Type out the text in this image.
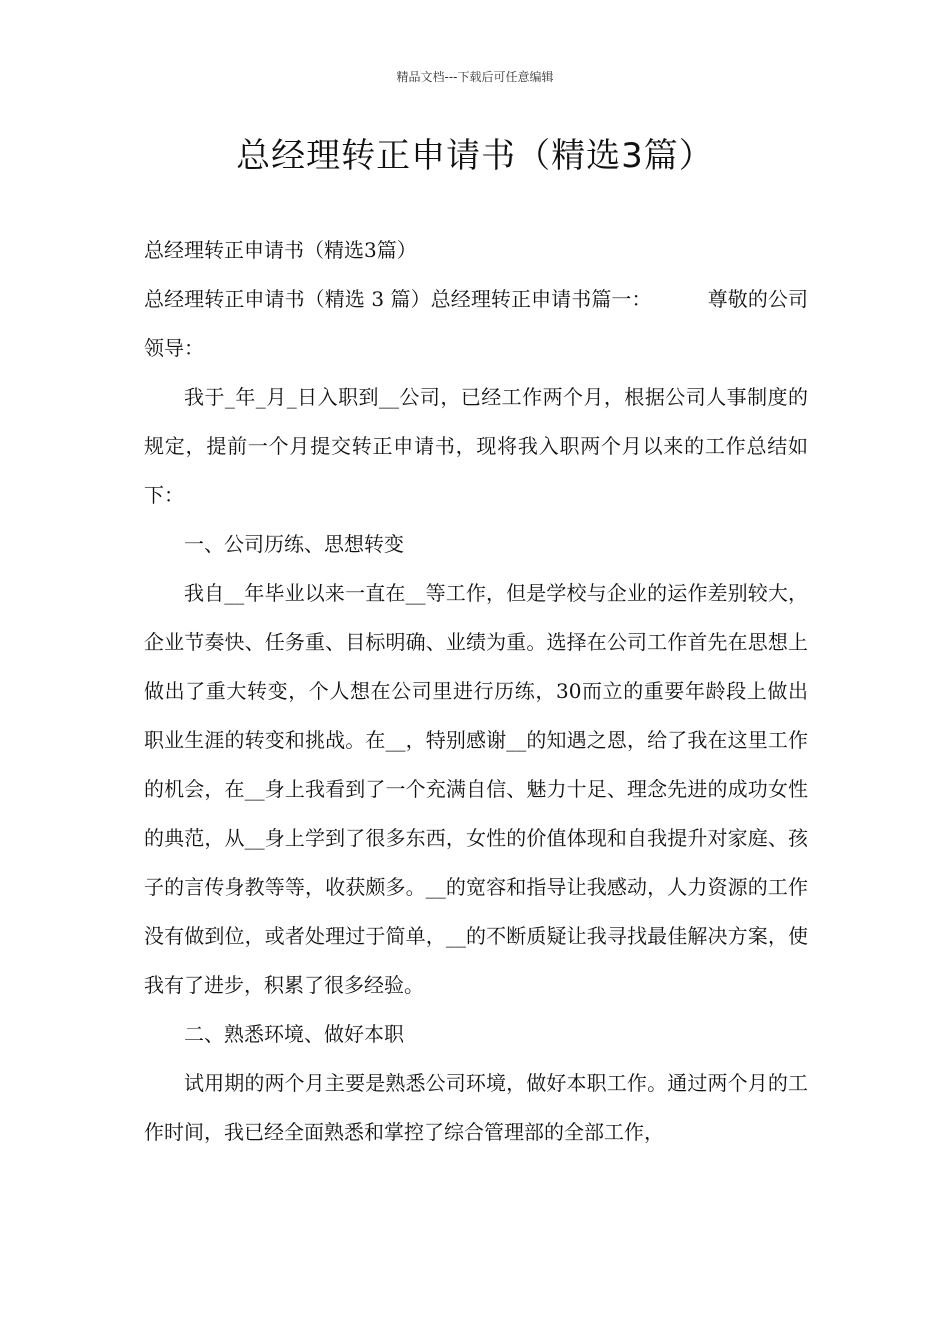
精品文档---下载后可任意编辑
总经理转正申请书（精选3篇）

总经理转正申请书（精选3篇）

总经理转正申请书（精选 3 篇）总经理转正申请书篇一：	尊敬的公司领导：

我于_年_月_日入职到__公司，已经工作两个月，根据公司人事制度的规定，提前一个月提交转正申请书，现将我入职两个月以来的工作总结如下：

一、公司历练、思想转变

我自__年毕业以来一直在__等工作，但是学校与企业的运作差别较大，企业节奏快、任务重、目标明确、业绩为重。选择在公司工作首先在思想上做出了重大转变，个人想在公司里进行历练，30而立的重要年龄段上做出职业生涯的转变和挑战。在__，特别感谢__的知遇之恩，给了我在这里工作的机会，在__身上我看到了一个充满自信、魅力十足、理念先进的成功女性的典范，从__身上学到了很多东西，女性的价值体现和自我提升对家庭、孩子的言传身教等等，收获颇多。__的宽容和指导让我感动，人力资源的工作没有做到位，或者处理过于简单，__的不断质疑让我寻找最佳解决方案，使我有了进步，积累了很多经验。

二、熟悉环境、做好本职

试用期的两个月主要是熟悉公司环境，做好本职工作。通过两个月的工作时间，我已经全面熟悉和掌控了综合管理部的全部工作，
